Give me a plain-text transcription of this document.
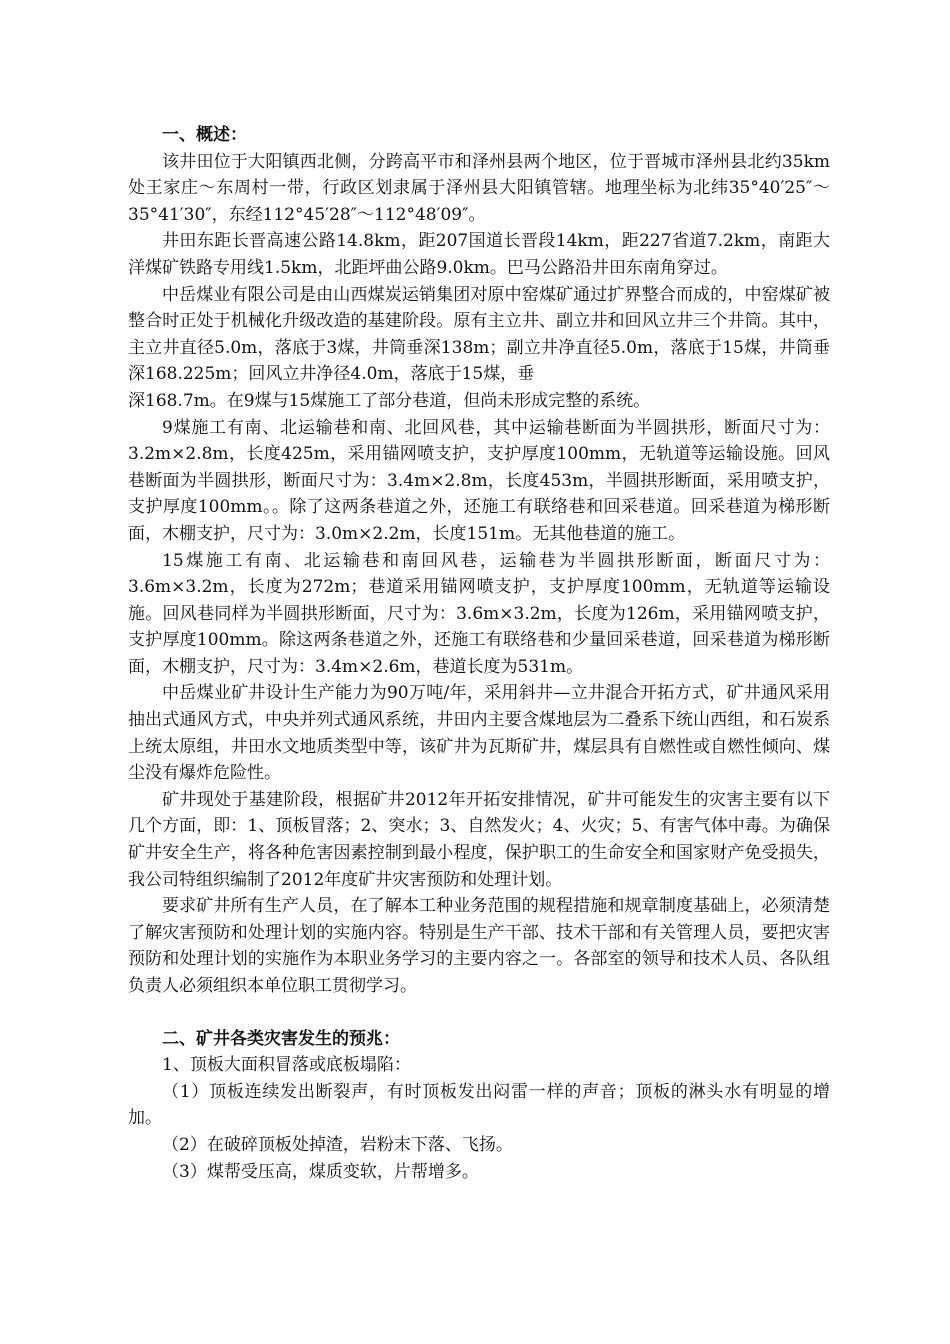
一、概述：

该井田位于大阳镇西北侧，分跨高平市和泽州县两个地区，位于晋城市泽州县北约35km处王家庄～东周村一带，行政区划隶属于泽州县大阳镇管辖。地理坐标为北纬35°40′25″～35°41′30″，东经112°45′28″～112°48′09″。

井田东距长晋高速公路14.8km，距207国道长晋段14km，距227省道7.2km，南距大洋煤矿铁路专用线1.5km，北距坪曲公路9.0km。巴马公路沿井田东南角穿过。

中岳煤业有限公司是由山西煤炭运销集团对原中窑煤矿通过扩界整合而成的，中窑煤矿被整合时正处于机械化升级改造的基建阶段。原有主立井、副立井和回风立井三个井筒。其中，主立井直径5.0m，落底于3煤，井筒垂深138m；副立井净直径5.0m，落底于15煤，井筒垂深168.225m；回风立井净径4.0m，落底于15煤，垂

深168.7m。在9煤与15煤施工了部分巷道，但尚未形成完整的系统。

9煤施工有南、北运输巷和南、北回风巷，其中运输巷断面为半圆拱形，断面尺寸为：3.2m×2.8m，长度425m，采用锚网喷支护，支护厚度100mm，无轨道等运输设施。回风巷断面为半圆拱形，断面尺寸为：3.4m×2.8m，长度453m，半圆拱形断面，采用喷支护，支护厚度100mm。。除了这两条巷道之外，还施工有联络巷和回采巷道。回采巷道为梯形断面，木棚支护，尺寸为：3.0m×2.2m，长度151m。无其他巷道的施工。

15煤施工有南、北运输巷和南回风巷，运输巷为半圆拱形断面，断面尺寸为：3.6m×3.2m，长度为272m；巷道采用锚网喷支护，支护厚度100mm，无轨道等运输设施。回风巷同样为半圆拱形断面，尺寸为：3.6m×3.2m，长度为126m，采用锚网喷支护，支护厚度100mm。除这两条巷道之外，还施工有联络巷和少量回采巷道，回采巷道为梯形断面，木棚支护，尺寸为：3.4m×2.6m，巷道长度为531m。

中岳煤业矿井设计生产能力为90万吨/年，采用斜井—立井混合开拓方式，矿井通风采用抽出式通风方式，中央并列式通风系统，井田内主要含煤地层为二叠系下统山西组，和石炭系上统太原组，井田水文地质类型中等，该矿井为瓦斯矿井，煤层具有自燃性或自燃性倾向、煤尘没有爆炸危险性。

矿井现处于基建阶段，根据矿井2012年开拓安排情况，矿井可能发生的灾害主要有以下几个方面，即：1、顶板冒落；2、突水；3、自然发火；4、火灾；5、有害气体中毒。为确保矿井安全生产，将各种危害因素控制到最小程度，保护职工的生命安全和国家财产免受损失，我公司特组织编制了2012年度矿井灾害预防和处理计划。

要求矿井所有生产人员，在了解本工种业务范围的规程措施和规章制度基础上，必须清楚了解灾害预防和处理计划的实施内容。特别是生产干部、技术干部和有关管理人员，要把灾害预防和处理计划的实施作为本职业务学习的主要内容之一。各部室的领导和技术人员、各队组负责人必须组织本单位职工贯彻学习。

二、矿井各类灾害发生的预兆：

1、顶板大面积冒落或底板塌陷：

（1）顶板连续发出断裂声，有时顶板发出闷雷一样的声音；顶板的淋头水有明显的增加。

（2）在破碎顶板处掉渣，岩粉末下落、飞扬。

（3）煤帮受压高，煤质变软，片帮增多。
